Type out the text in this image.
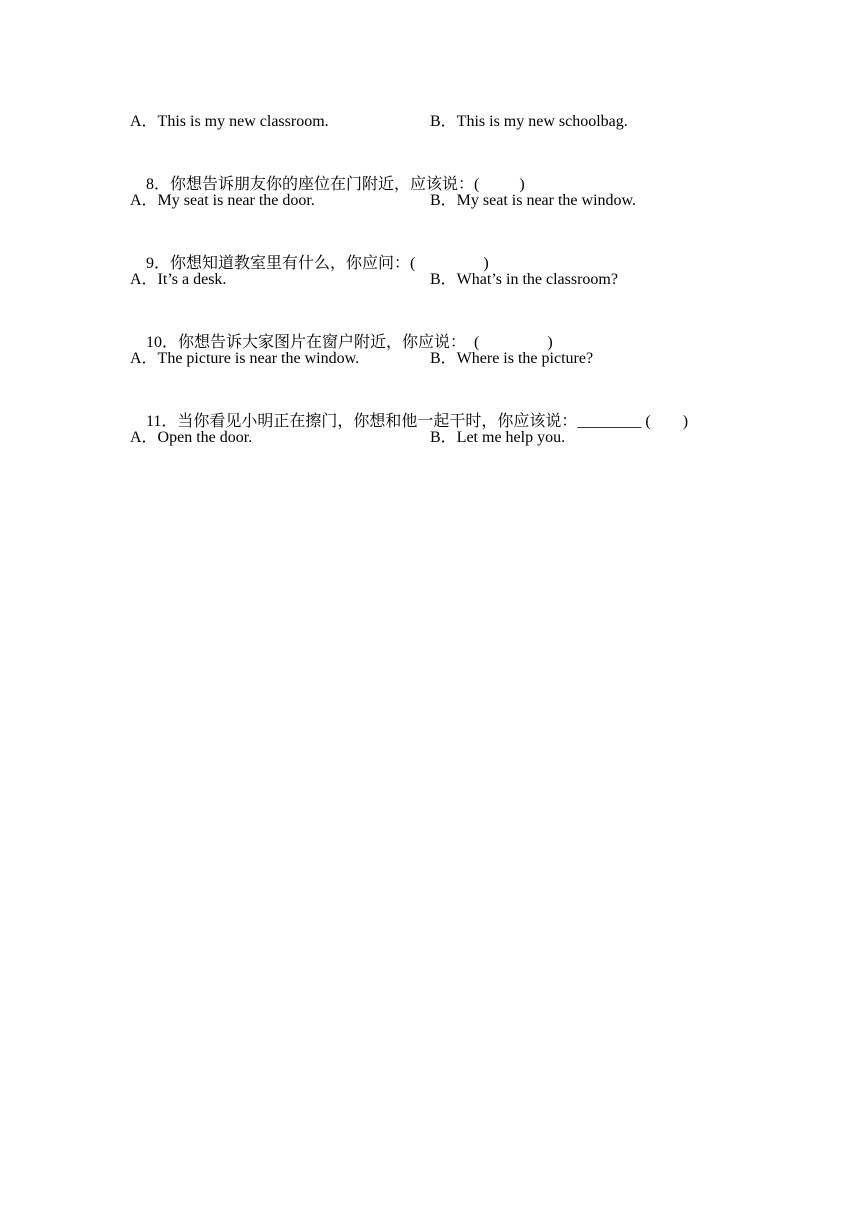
A．This is my new classroom.

	B．This is my new schoolbag.

8．你想告诉朋友你的座位在门附近，应该说：(          )

A．My seat is near the door.

	B．My seat is near the window.

9．你想知道教室里有什么，你应问：(                 )

A．It’s a desk.

	B．What’s in the classroom?

10．你想告诉大家图片在窗户附近，你应说：  (                 )

A．The picture is near the window.

	B．Where is the picture?

11．当你看见小明正在擦门，你想和他一起干时，你应该说：________ (        )

A．Open the door.

	B．Let me help you.
